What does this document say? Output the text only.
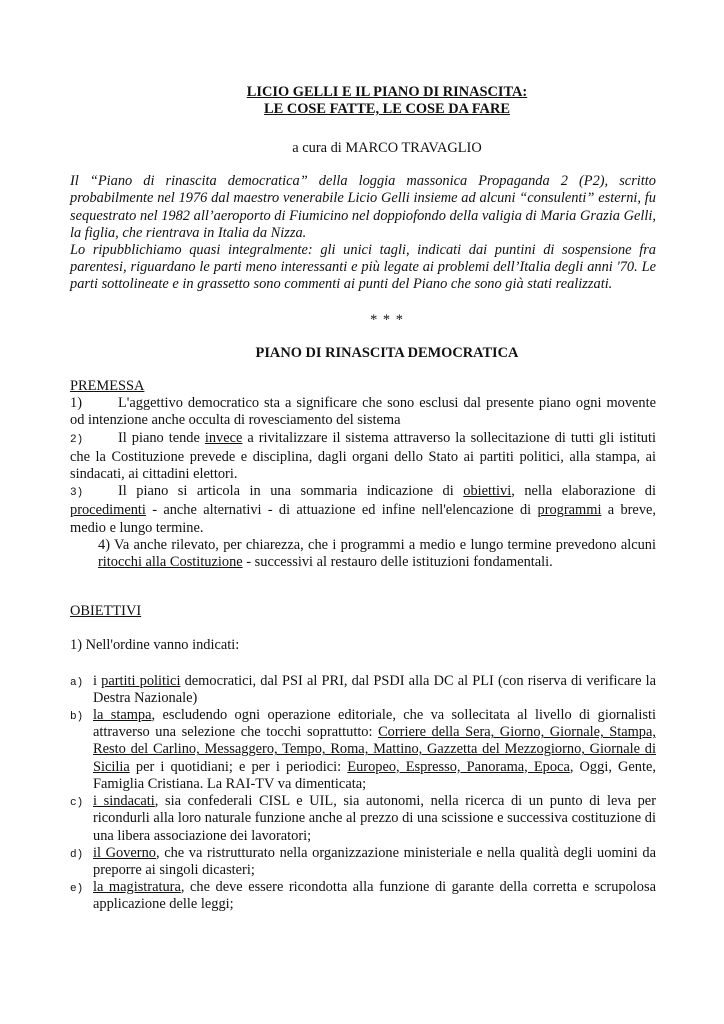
LICIO GELLI E IL PIANO DI RINASCITA:
LE COSE FATTE, LE COSE DA FARE
a cura di MARCO TRAVAGLIO
Il “Piano di rinascita democratica” della loggia massonica Propaganda 2 (P2), scritto probabilmente nel 1976 dal maestro venerabile Licio Gelli insieme ad alcuni “consulenti” esterni, fu sequestrato nel 1982 all’aeroporto di Fiumicino nel doppiofondo della valigia di Maria Grazia Gelli, la figlia, che rientrava in Italia da Nizza.
Lo ripubblichiamo quasi integralmente: gli unici tagli, indicati dai puntini di sospensione fra parentesi, riguardano le parti meno interessanti e più legate ai problemi dell’Italia degli anni '70. Le parti sottolineate e in grassetto sono commenti ai punti del Piano che sono già stati realizzati.
* * *
PIANO DI RINASCITA DEMOCRATICA
PREMESSA
1)	L'aggettivo democratico sta a significare che sono esclusi dal presente piano ogni movente od intenzione anche occulta di rovesciamento del sistema
2) Il piano tende invece a rivitalizzare il sistema attraverso la sollecitazione di tutti gli istituti che la Costituzione prevede e disciplina, dagli organi dello Stato ai partiti politici, alla stampa, ai sindacati, ai cittadini elettori.
3) Il piano si articola in una sommaria indicazione di obiettivi, nella elaborazione di procedimenti - anche alternativi - di attuazione ed infine nell'elencazione di programmi a breve, medio e lungo termine.
4) Va anche rilevato, per chiarezza, che i programmi a medio e lungo termine prevedono alcuni ritocchi alla Costituzione - successivi al restauro delle istituzioni fondamentali.
OBIETTIVI
1) Nell'ordine vanno indicati:
a) i partiti politici democratici, dal PSI al PRI, dal PSDI alla DC al PLI (con riserva di verificare la Destra Nazionale)
b) la stampa, escludendo ogni operazione editoriale, che va sollecitata al livello di giornalisti attraverso una selezione che tocchi soprattutto: Corriere della Sera, Giorno, Giornale, Stampa, Resto del Carlino, Messaggero, Tempo, Roma, Mattino, Gazzetta del Mezzogiorno, Giornale di Sicilia per i quotidiani; e per i periodici: Europeo, Espresso, Panorama, Epoca, Oggi, Gente, Famiglia Cristiana. La RAI-TV va dimenticata;
c) i sindacati, sia confederali CISL e UIL, sia autonomi, nella ricerca di un punto di leva per ricondurli alla loro naturale funzione anche al prezzo di una scissione e successiva costituzione di una libera associazione dei lavoratori;
d) il Governo, che va ristrutturato nella organizzazione ministeriale e nella qualità degli uomini da preporre ai singoli dicasteri;
e) la magistratura, che deve essere ricondotta alla funzione di garante della corretta e scrupolosa applicazione delle leggi;
